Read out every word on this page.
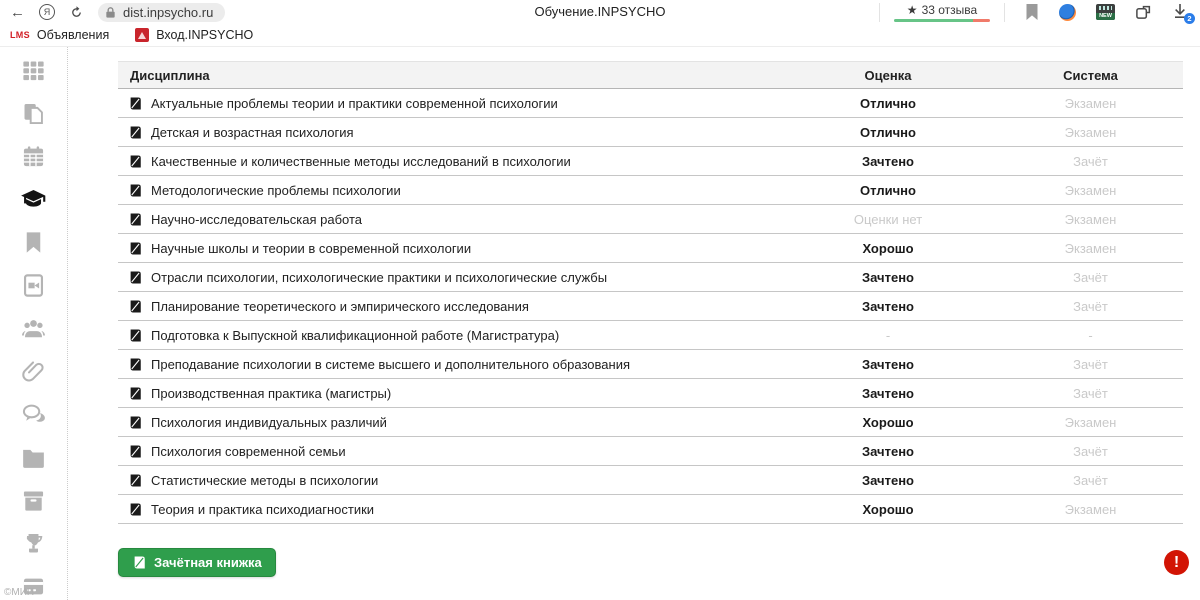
← Я	dist.inpsycho.ru	Обучение.INPSYCHO	★ 33 отзыва	NEW	2
LMS Объявления	Вход.INPSYCHO
Дисциплина	Оценка	Система
Актуальные проблемы теории и практики современной психологии	Отлично	Экзамен
Детская и возрастная психология	Отлично	Экзамен
Качественные и количественные методы исследований в психологии	Зачтено	Зачёт
Методологические проблемы психологии	Отлично	Экзамен
Научно-исследовательская работа	Оценки нет	Экзамен
Научные школы и теории в современной психологии	Хорошо	Экзамен
Отрасли психологии, психологические практики и психологические службы	Зачтено	Зачёт
Планирование теоретического и эмпирического исследования	Зачтено	Зачёт
Подготовка к Выпускной квалификационной работе (Магистратура)	-	-
Преподавание психологии в системе высшего и дополнительного образования	Зачтено	Зачёт
Производственная практика (магистры)	Зачтено	Зачёт
Психология индивидуальных различий	Хорошо	Экзамен
Психология современной семьи	Зачтено	Зачёт
Статистические методы в психологии	Зачтено	Зачёт
Теория и практика психодиагностики	Хорошо	Экзамен
Зачётная книжка	!
©МИП
